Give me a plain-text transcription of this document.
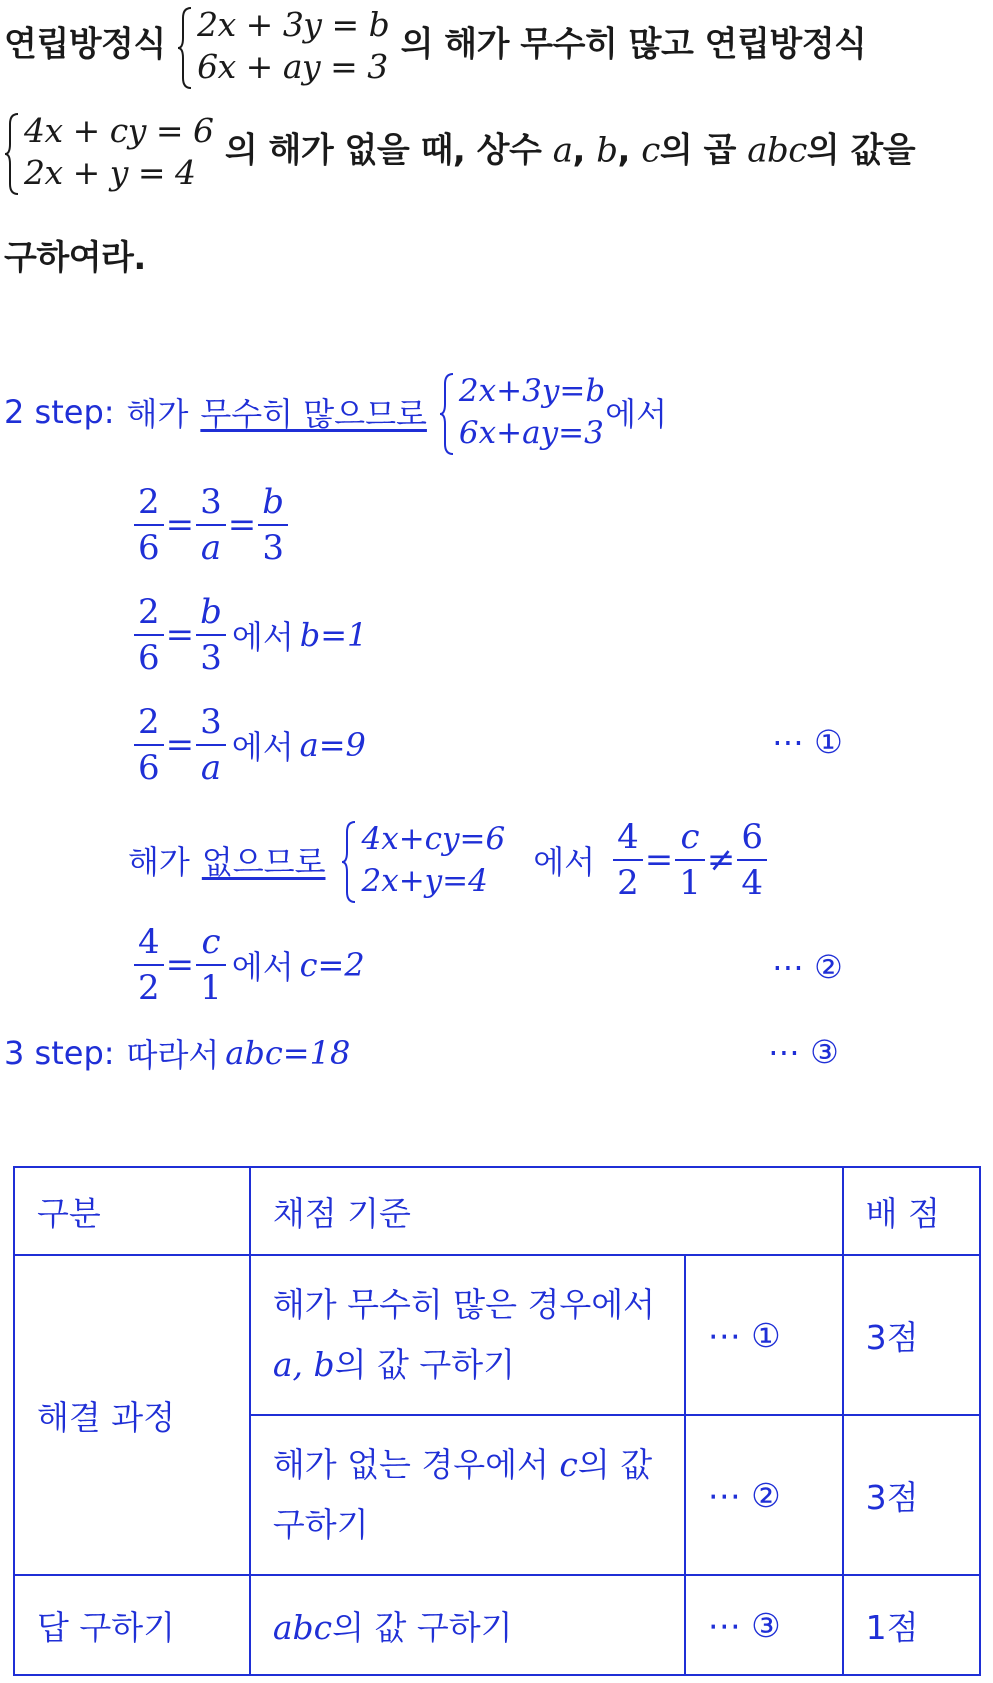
연립방정식 2x + 3y = b
6x + ay = 3
의 해가 무수히 많고 연립방정식
4x + cy = 6
2x + y = 4
의 해가 없을 때, 상수 a, b, c의 곱 abc의 값을
구하여라.
2 step: 해가 무수히 많으므로
2x+3y=b
6x+ay=3 에서
$\frac{2}{6} = \frac{3}{a} = \frac{b}{3}$
$\frac{2}{6} = \frac{b}{3}$ 에서 b=1
$\frac{2}{6} = \frac{3}{a}$ 에서 a=9	⋯ ①
해가 없으므로
4x+cy=6
2x+y=4	에서 $\frac{4}{2} = \frac{c}{1} \ne \frac{6}{4}$
$\frac{4}{2} = \frac{c}{1}$ 에서 c=2	⋯ ②
3 step: 따라서 abc=18	⋯ ③
구분	채점 기준		배 점
해결 과정	해가 무수히 많은 경우에서
a, b의 값 구하기	⋯ ①	3점

	해가 없는 경우에서 c의 값
구하기	⋯ ②	3점
답 구하기	abc의 값 구하기	⋯ ③	1점
